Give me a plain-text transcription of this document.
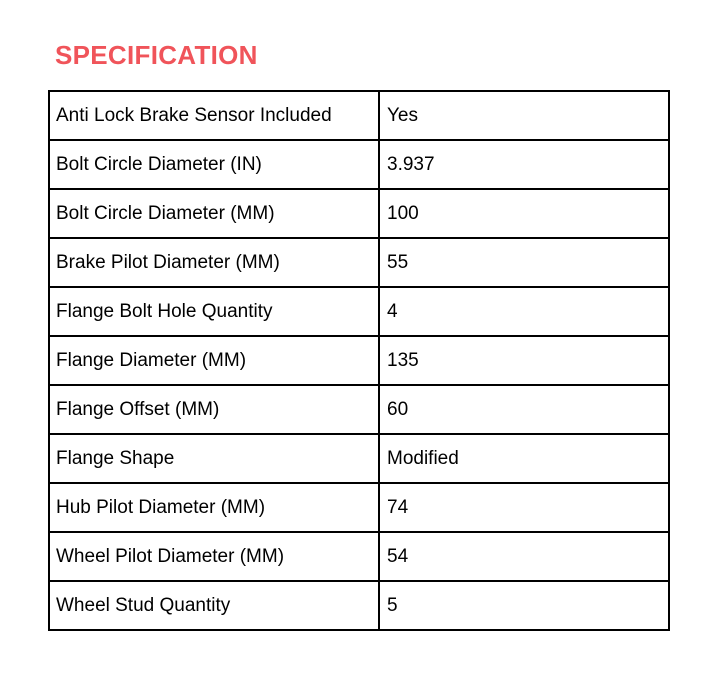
SPECIFICATION
Anti Lock Brake Sensor Included	Yes
Bolt Circle Diameter (IN)	3.937
Bolt Circle Diameter (MM)	100
Brake Pilot Diameter (MM)	55
Flange Bolt Hole Quantity	4
Flange Diameter (MM)	135
Flange Offset (MM)	60
Flange Shape	Modified
Hub Pilot Diameter (MM)	74
Wheel Pilot Diameter (MM)	54
Wheel Stud Quantity	5
